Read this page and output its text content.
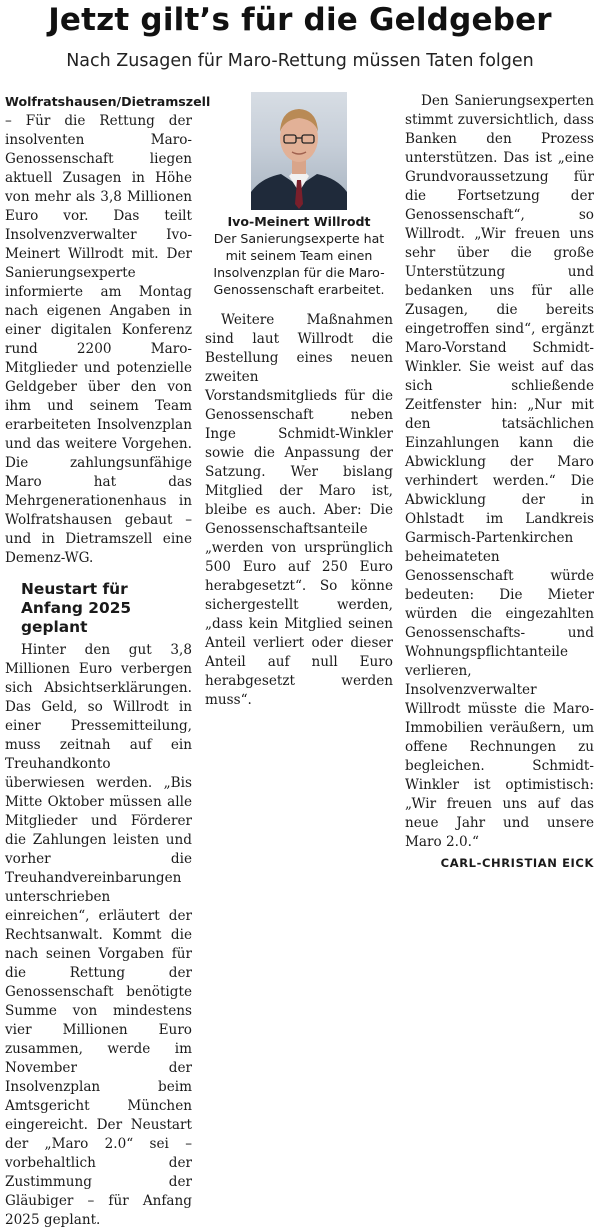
Jetzt gilt’s für die Geldgeber
Nach Zusagen für Maro-Rettung müssen Taten folgen

Wolfratshausen/Dietramszell
– Für die Rettung der insolventen Maro-Genossenschaft liegen aktuell Zusagen in Höhe von mehr als 3,8 Millionen Euro vor. Das teilt Insolvenzverwalter Ivo-Meinert Willrodt mit. Der Sanierungsexperte informierte am Montag nach eigenen Angaben in einer digitalen Konferenz rund 2200 Maro-Mitglieder und potenzielle Geldgeber über den von ihm und seinem Team erarbeiteten Insolvenzplan und das weitere Vorgehen. Die zahlungsunfähige Maro hat das Mehrgenerationenhaus in Wolfratshausen gebaut – und in Dietramszell eine Demenz-WG.

Neustart für Anfang 2025 geplant

Hinter den gut 3,8 Millionen Euro verbergen sich Absichtserklärungen. Das Geld, so Willrodt in einer Pressemitteilung, muss zeitnah auf ein Treuhandkonto überwiesen werden. „Bis Mitte Oktober müssen alle Mitglieder und Förderer die Zahlungen leisten und vorher die Treuhandvereinbarungen unterschrieben einreichen“, erläutert der Rechtsanwalt. Kommt die nach seinen Vorgaben für die Rettung der Genossenschaft benötigte Summe von mindestens vier Millionen Euro zusammen, werde im November der Insolvenzplan beim Amtsgericht München eingereicht. Der Neustart der „Maro 2.0“ sei – vorbehaltlich der Zustimmung der Gläubiger – für Anfang 2025 geplant.

Ivo-Meinert Willrodt

Der Sanierungsexperte hat mit seinem Team einen Insolvenzplan für die Maro-Genossenschaft erarbeitet.

Weitere Maßnahmen sind laut Willrodt die Bestellung eines neuen zweiten Vorstandsmitglieds für die Genossenschaft neben Inge Schmidt-Winkler sowie die Anpassung der Satzung. Wer bislang Mitglied der Maro ist, bleibe es auch. Aber: Die Genossenschaftsanteile „werden von ursprünglich 500 Euro auf 250 Euro herabgesetzt“. So könne sichergestellt werden, „dass kein Mitglied seinen Anteil verliert oder dieser Anteil auf null Euro herabgesetzt werden muss“.

Den Sanierungsexperten stimmt zuversichtlich, dass Banken den Prozess unterstützen. Das ist „eine Grundvoraussetzung für die Fortsetzung der Genossenschaft“, so Willrodt. „Wir freuen uns sehr über die große Unterstützung und bedanken uns für alle Zusagen, die bereits eingetroffen sind“, ergänzt Maro-Vorstand Schmidt-Winkler. Sie weist auf das sich schließende Zeitfenster hin: „Nur mit den tatsächlichen Einzahlungen kann die Abwicklung der Maro verhindert werden.“ Die Abwicklung der in Ohlstadt im Landkreis Garmisch-Partenkirchen beheimateten Genossenschaft würde bedeuten: Die Mieter würden die eingezahlten Genossenschafts- und Wohnungspflichtanteile verlieren, Insolvenzverwalter Willrodt müsste die Maro-Immobilien veräußern, um offene Rechnungen zu begleichen. Schmidt-Winkler ist optimistisch: „Wir freuen uns auf das neue Jahr und unsere Maro 2.0.“

CARL-CHRISTIAN EICK
